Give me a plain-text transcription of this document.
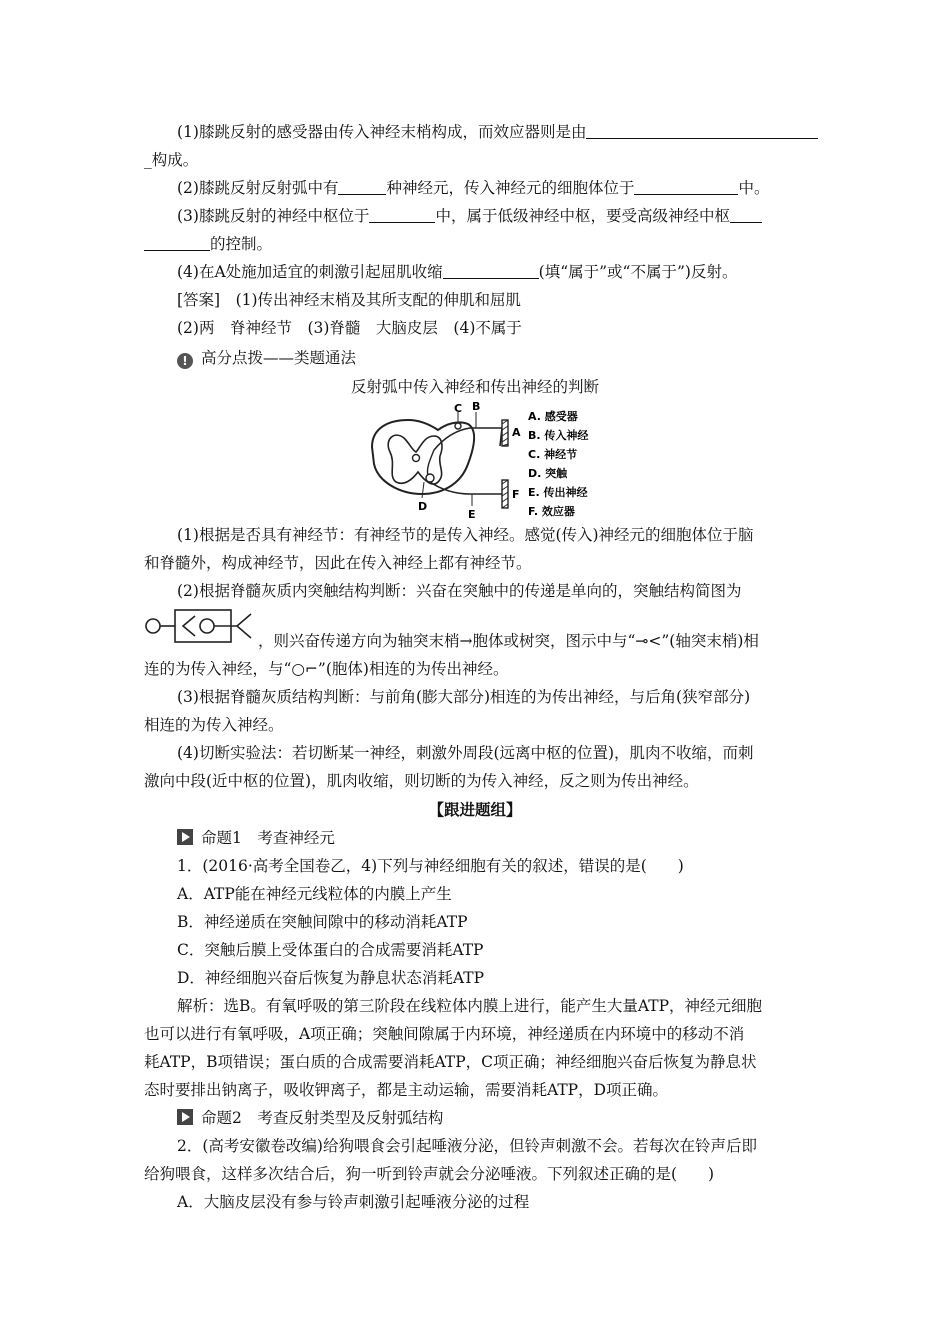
(1)膝跳反射的感受器由传入神经末梢构成，而效应器则是由
_构成。
(2)膝跳反射反射弧中有	种神经元，传入神经元的细胞体位于	中。
(3)膝跳反射的神经中枢位于	中，属于低级神经中枢，要受高级神经中枢
的控制。
(4)在A处施加适宜的刺激引起屈肌收缩	(填“属于”或“不属于”)反射。
[答案]　(1)传出神经末梢及其所支配的伸肌和屈肌
(2)两　脊神经节　(3)脊髓　大脑皮层　(4)不属于
! 高分点拨——类题通法
反射弧中传入神经和传出神经的判断
C B
A
D
E
F
A. 感受器
B. 传入神经
C. 神经节
D. 突触
E. 传出神经
F. 效应器
(1)根据是否具有神经节：有神经节的是传入神经。感觉(传入)神经元的细胞体位于脑
和脊髓外，构成神经节，因此在传入神经上都有神经节。
(2)根据脊髓灰质内突触结构判断：兴奋在突触中的传递是单向的，突触结构简图为
，则兴奋传递方向为轴突末梢→胞体或树突，图示中与“⊸<”(轴突末梢)相
连的为传入神经，与“○⌐”(胞体)相连的为传出神经。
(3)根据脊髓灰质结构判断：与前角(膨大部分)相连的为传出神经，与后角(狭窄部分)
相连的为传入神经。
(4)切断实验法：若切断某一神经，刺激外周段(远离中枢的位置)，肌肉不收缩，而刺
激向中段(近中枢的位置)，肌肉收缩，则切断的为传入神经，反之则为传出神经。
【跟进题组】
命题1　考查神经元
1．(2016·高考全国卷乙，4)下列与神经细胞有关的叙述，错误的是(　　)
A．ATP能在神经元线粒体的内膜上产生
B．神经递质在突触间隙中的移动消耗ATP
C．突触后膜上受体蛋白的合成需要消耗ATP
D．神经细胞兴奋后恢复为静息状态消耗ATP
解析：选B。有氧呼吸的第三阶段在线粒体内膜上进行，能产生大量ATP，神经元细胞
也可以进行有氧呼吸，A项正确；突触间隙属于内环境，神经递质在内环境中的移动不消
耗ATP，B项错误；蛋白质的合成需要消耗ATP，C项正确；神经细胞兴奋后恢复为静息状
态时要排出钠离子，吸收钾离子，都是主动运输，需要消耗ATP，D项正确。
命题2　考查反射类型及反射弧结构
2．(高考安徽卷改编)给狗喂食会引起唾液分泌，但铃声刺激不会。若每次在铃声后即
给狗喂食，这样多次结合后，狗一听到铃声就会分泌唾液。下列叙述正确的是(　　)
A．大脑皮层没有参与铃声刺激引起唾液分泌的过程
